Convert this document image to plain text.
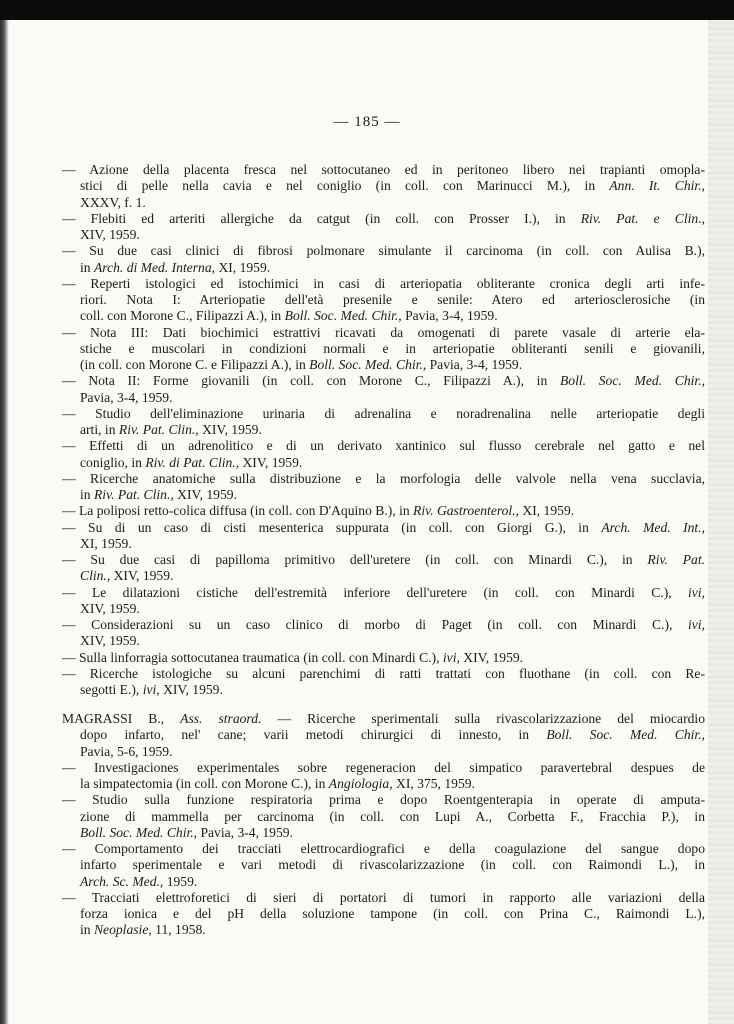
— 185 —
— Azione della placenta fresca nel sottocutaneo ed in peritoneo libero nei trapianti omopla-
stici di pelle nella cavia e nel coniglio (in coll. con Marinucci M.), in Ann. It. Chir.,
XXXV, f. 1.
— Flebiti ed arteriti allergiche da catgut (in coll. con Prosser I.), in Riv. Pat. e Clin.,
XIV, 1959.
— Su due casi clinici di fibrosi polmonare simulante il carcinoma (in coll. con Aulisa B.),
in Arch. di Med. Interna, XI, 1959.
— Reperti istologici ed istochimici in casi di arteriopatia obliterante cronica degli arti infe-
riori. Nota I: Arteriopatie dell'età presenile e senile: Atero ed arteriosclerosiche (in
coll. con Morone C., Filipazzi A.), in Boll. Soc. Med. Chir., Pavia, 3-4, 1959.
— Nota III: Dati biochimici estrattivi ricavati da omogenati di parete vasale di arterie ela-
stiche e muscolari in condizioni normali e in arteriopatie obliteranti senili e giovanili,
(in coll. con Morone C. e Filipazzi A.), in Boll. Soc. Med. Chir., Pavia, 3-4, 1959.
— Nota II: Forme giovanili (in coll. con Morone C., Filipazzi A.), in Boll. Soc. Med. Chir.,
Pavia, 3-4, 1959.
— Studio dell'eliminazione urinaria di adrenalina e noradrenalina nelle arteriopatie degli
arti, in Riv. Pat. Clin., XIV, 1959.
— Effetti di un adrenolitico e di un derivato xantinico sul flusso cerebrale nel gatto e nel
coniglio, in Riv. di Pat. Clin., XIV, 1959.
— Ricerche anatomiche sulla distribuzione e la morfologia delle valvole nella vena succlavia,
in Riv. Pat. Clin., XIV, 1959.
— La poliposi retto-colica diffusa (in coll. con D'Aquino B.), in Riv. Gastroenterol., XI, 1959.
— Su di un caso di cisti mesenterica suppurata (in coll. con Giorgi G.), in Arch. Med. Int.,
XI, 1959.
— Su due casi di papilloma primitivo dell'uretere (in coll. con Minardi C.), in Riv. Pat.
Clin., XIV, 1959.
— Le dilatazioni cistiche dell'estremità inferiore dell'uretere (in coll. con Minardi C.), ivi,
XIV, 1959.
— Considerazioni su un caso clinico di morbo di Paget (in coll. con Minardi C.), ivi,
XIV, 1959.
— Sulla linforragia sottocutanea traumatica (in coll. con Minardi C.), ivi, XIV, 1959.
— Ricerche istologiche su alcuni parenchimi di ratti trattati con fluothane (in coll. con Re-
segotti E.), ivi, XIV, 1959.
MAGRASSI B., Ass. straord. — Ricerche sperimentali sulla rivascolarizzazione del miocardio
dopo infarto, nel' cane; varii metodi chirurgici di innesto, in Boll. Soc. Med. Chir.,
Pavia, 5-6, 1959.
— Investigaciones experimentales sobre regeneracion del simpatico paravertebral despues de
la simpatectomia (in coll. con Morone C.), in Angiologia, XI, 375, 1959.
— Studio sulla funzione respiratoria prima e dopo Roentgenterapia in operate di amputa-
zione di mammella per carcinoma (in coll. con Lupi A., Corbetta F., Fracchia P.), in
Boll. Soc. Med. Chir., Pavia, 3-4, 1959.
— Comportamento dei tracciati elettrocardiografici e della coagulazione del sangue dopo
infarto sperimentale e vari metodi di rivascolarizzazione (in coll. con Raimondi L.), in
Arch. Sc. Med., 1959.
— Tracciati elettroforetici di sieri di portatori di tumori in rapporto alle variazioni della
forza ionica e del pH della soluzione tampone (in coll. con Prina C., Raimondi L.),
in Neoplasie, 11, 1958.
